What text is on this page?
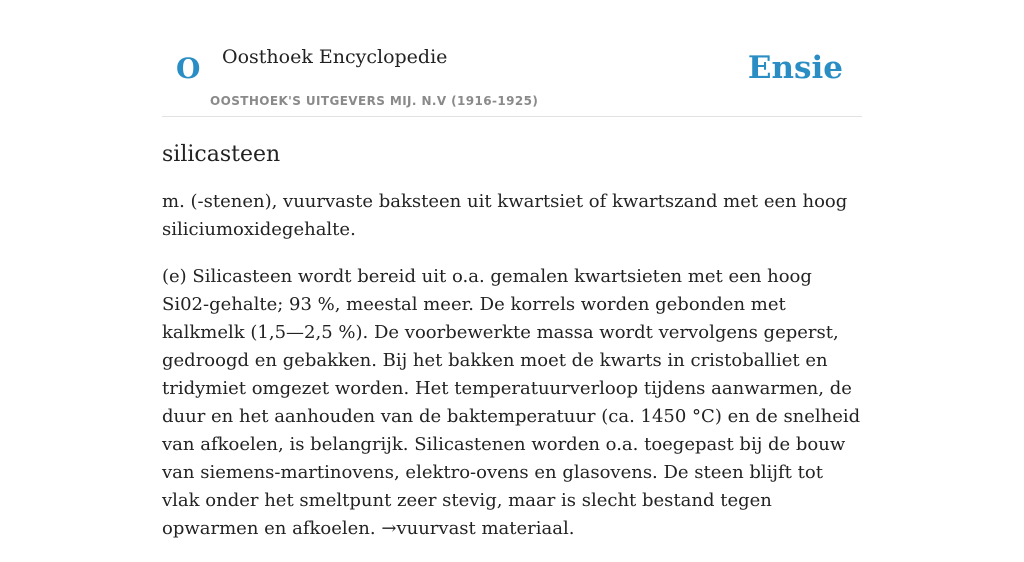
O Oosthoek Encyclopedie
OOSTHOEK'S UITGEVERS MIJ. N.V (1916-1925)
Ensie
silicasteen

m. (-stenen), vuurvaste baksteen uit kwartsiet of kwartszand met een hoog siliciumoxidegehalte.

(e) Silicasteen wordt bereid uit o.a. gemalen kwartsieten met een hoog Si02-gehalte; 93 %, meestal meer. De korrels worden gebonden met kalkmelk (1,5—2,5 %). De voorbewerkte massa wordt vervolgens geperst, gedroogd en gebakken. Bij het bakken moet de kwarts in cristoballiet en tridymiet omgezet worden. Het temperatuurverloop tijdens aanwarmen, de duur en het aanhouden van de baktemperatuur (ca. 1450 °C) en de snelheid van afkoelen, is belangrijk. Silicastenen worden o.a. toegepast bij de bouw van siemens-martinovens, elektro-ovens en glasovens. De steen blijft tot vlak onder het smeltpunt zeer stevig, maar is slecht bestand tegen opwarmen en afkoelen. →vuurvast materiaal.
